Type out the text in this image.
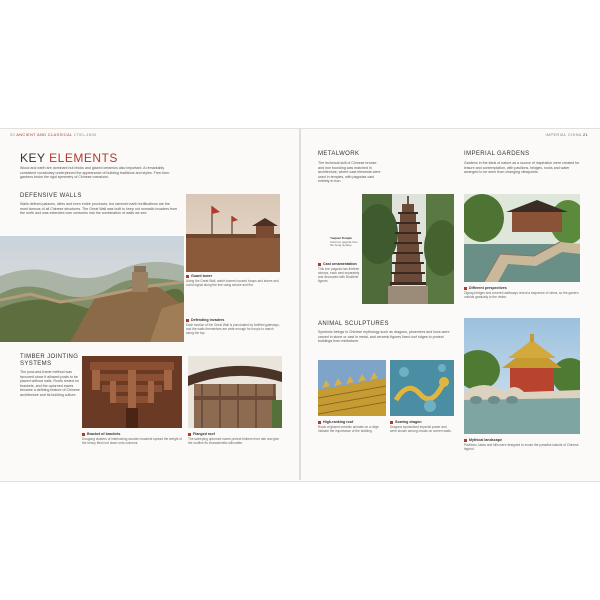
20 ANCIENT AND CLASSICAL 1700–1600	IMPERIAL CHINA 21
KEY ELEMENTS
Wood and earth are dominant but bricks and glazed ceramics also important. A remarkably consistent vocabulary underpinned the appearance of building traditions and styles. Free-form gardens broke the rigid symmetry of Chinese mansions.
DEFENSIVE WALLS
Walls defined palaces, cities and even entire provinces, but rammed earth fortifications are the most famous of all Chinese structures. The Great Wall was built to keep out nomadic invaders from the north and was extended over centuries into the combination of walls we see.
Guard tower
Along the Great Wall, watch towers housed troops and stores and could signal along the line using smoke and fire.
Defending invaders
Each section of the Great Wall is punctuated by fortified gateways, and the walls themselves are wide enough for troops to march along the top.
TIMBER JOINTING SYSTEMS
The post-and-frame method was favoured since it allowed posts to be placed without nails. Roofs rested on brackets, and the upturned eaves became a defining feature of Chinese architecture and its building culture.
Bracket of brackets
Dougong clusters of interlocking wooden brackets spread the weight of the heavy tiled roof down onto columns.
Flanged roof
The sweeping upturned eaves protect timbers from rain and give the roofline its characteristic silhouette.
METALWORK
The technical skill of Chinese bronze and iron founding was matched in architecture, where cast elements were used in temples, with pagodas cast entirely in iron.
Yuquan Temple
Cast iron pagoda from the Song dynasty.
Cast ornamentation
This iron pagoda has thirteen storeys, each cast separately and decorated with Buddhist figures.
ANIMAL SCULPTURES
Symbolic beings in Chinese mythology such as dragons, phoenixes and lions were carved in stone or cast in metal, and ceramic figures lined roof ridges to protect buildings from misfortune.
High-ranking roof
Rows of glazed ceramic animals on a ridge indicate the importance of the building.
Soaring dragon
Dragons symbolised imperial power and were shown among clouds on screen walls.
IMPERIAL GARDENS
Gardens in the ideal of nature as a source of inspiration were created for leisure and contemplation, with pavilions, bridges, rocks and water arranged to be seen from changing viewpoints.
Different perspectives
Zigzag bridges and covered walkways reveal a sequence of views, so the garden unfolds gradually to the visitor.
Mythical landscape
Pavilions, lakes and hills were designed to evoke the paradise islands of Chinese legend.
